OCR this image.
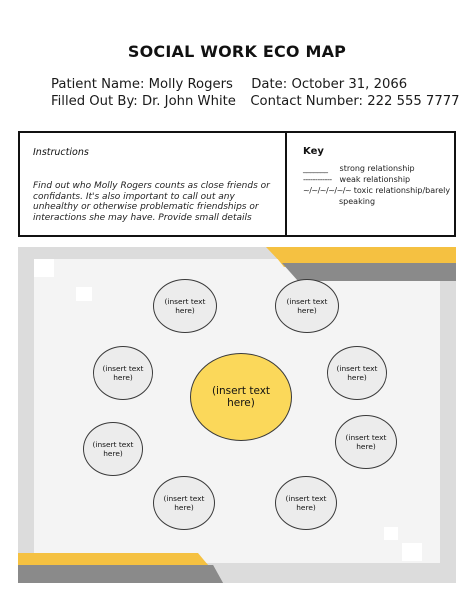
SOCIAL WORK ECO MAP
Patient Name: Molly Rogers Date: October 31, 2066
Filled Out By: Dr. John White Contact Number: 222 555 7777
Instructions
Find out who Molly Rogers counts as close friends or confidants. It's also important to call out any unhealthy or otherwise problematic friendships or interactions she may have. Provide small details
Key
_______ strong relationship
------------ weak relationship
~/~/~/~/~/~ toxic relationship/barely
speaking
(insert text here)
(insert text here)
(insert text here)
(insert text here)
(insert text here)
(insert text here)
(insert text here)
(insert text here)
(insert text here)
